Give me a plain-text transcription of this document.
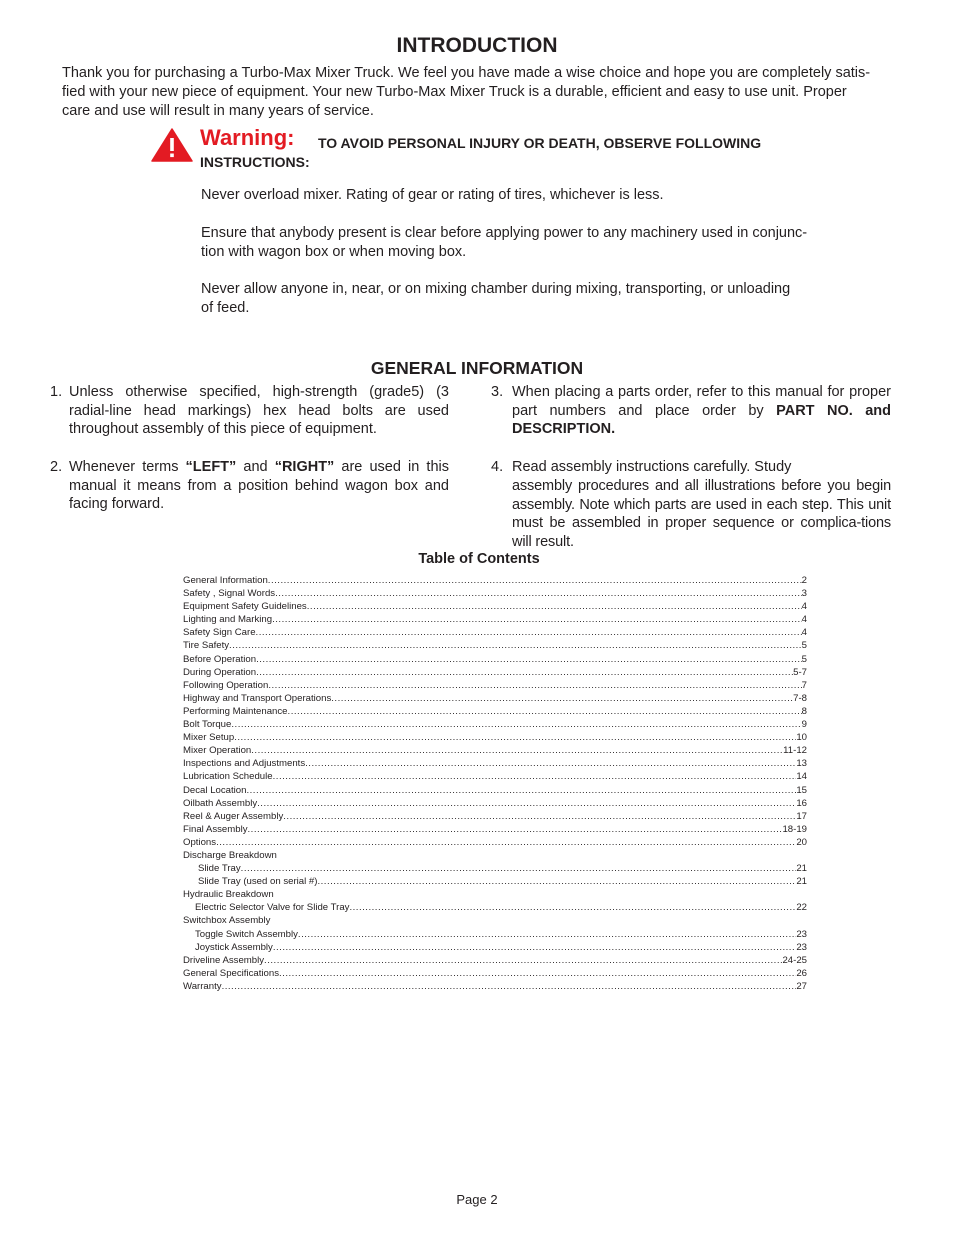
INTRODUCTION
Thank you for purchasing a Turbo-Max Mixer Truck. We feel you have made a wise choice and hope you are completely satis-
fied with your new piece of equipment. Your new Turbo-Max Mixer Truck is a durable, efficient and easy to use unit. Proper
care and use will result in many years of service.
Warning: TO AVOID PERSONAL INJURY OR DEATH, OBSERVE FOLLOWING
INSTRUCTIONS:
Never overload mixer. Rating of gear or rating of tires, whichever is less.
Ensure that anybody present is clear before applying power to any machinery used in conjunc-
tion with wagon box or when moving box.
Never allow anyone in, near, or on mixing chamber during mixing, transporting, or unloading
of feed.
GENERAL INFORMATION
1. Unless otherwise specified, high-strength (grade5) (3 radial-line head markings) hex head bolts are used throughout assembly of this piece of equipment.
2. Whenever terms “LEFT” and “RIGHT” are used in this manual it means from a position behind wagon box and facing forward.
3. When placing a parts order, refer to this manual for proper part numbers and place order by PART NO. and DESCRIPTION.
4. Read assembly instructions carefully. Study
assembly procedures and all illustrations before you begin assembly. Note which parts are used in each step. This unit must be assembled in proper sequence or complica-tions will result.
Table of Contents
General Information .....	2
Safety , Signal Words .....	3
Equipment Safety Guidelines .....	4
Lighting and Marking .....	4
Safety Sign Care .....	4
Tire Safety .....	5
Before Operation .....	5
During Operation .....	5-7
Following Operation .....	7
Highway and Transport Operations .....	7-8
Performing Maintenance .....	8
Bolt Torque .....	9
Mixer Setup .....	10
Mixer Operation .....	11-12
Inspections and Adjustments .....	13
Lubrication Schedule .....	14
Decal Location .....	15
Oilbath Assembly .....	16
Reel & Auger Assembly .....	17
Final Assembly .....	18-19
Options .....	20
Discharge Breakdown
Slide Tray .....	21
Slide Tray (used on serial #) .....	21
Hydraulic Breakdown
Electric Selector Valve for Slide Tray .....	22
Switchbox Assembly
Toggle Switch Assembly .....	23
Joystick Assembly .....	23
Driveline Assembly .....	24-25
General Specifications .....	26
Warranty .....	27
Page 2
